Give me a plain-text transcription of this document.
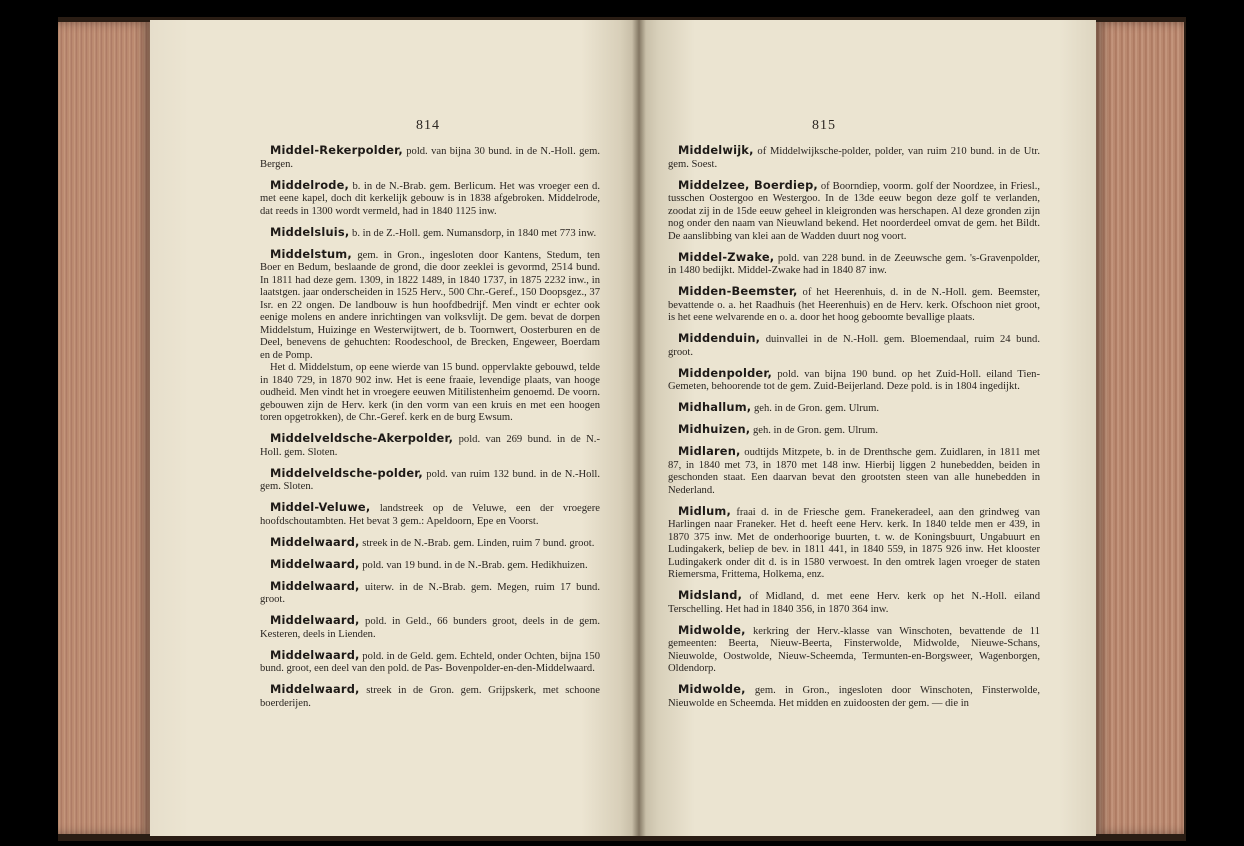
814

Middel-Rekerpolder, pold. van bijna 30 bund. in de N.-Holl. gem. Bergen.

Middelrode, b. in de N.-Brab. gem. Berlicum. Het was vroeger een d. met eene kapel, doch dit kerkelijk gebouw is in 1838 afgebroken. Middelrode, dat reeds in 1300 wordt vermeld, had in 1840 1125 inw.

Middelsluis, b. in de Z.-Holl. gem. Numansdorp, in 1840 met 773 inw.

Middelstum, gem. in Gron., ingesloten door Kantens, Stedum, ten Boer en Bedum, beslaande de grond, die door zeeklei is gevormd, 2514 bund. In 1811 had deze gem. 1309, in 1822 1489, in 1840 1737, in 1875 2232 inw., in laatstgen. jaar onderscheiden in 1525 Herv., 500 Chr.-Geref., 150 Doopsgez., 37 Isr. en 22 ongen. De landbouw is hun hoofdbedrijf. Men vindt er echter ook eenige molens en andere inrichtingen van volksvlijt. De gem. bevat de dorpen Middelstum, Huizinge en Westerwijtwert, de b. Toornwert, Oosterburen en de Deel, benevens de gehuchten: Roodeschool, de Brecken, Engeweer, Boerdam en de Pomp.

Het d. Middelstum, op eene wierde van 15 bund. oppervlakte gebouwd, telde in 1840 729, in 1870 902 inw. Het is eene fraaie, levendige plaats, van hooge oudheid. Men vindt het in vroegere eeuwen Mitilistenheim genoemd. De voorn. gebouwen zijn de Herv. kerk (in den vorm van een kruis en met een hoogen toren opgetrokken), de Chr.-Geref. kerk en de burg Ewsum.

Middelveldsche-Akerpolder, pold. van 269 bund. in de N.-Holl. gem. Sloten.

Middelveldsche-polder, pold. van ruim 132 bund. in de N.-Holl. gem. Sloten.

Middel-Veluwe, landstreek op de Veluwe, een der vroegere hoofdschoutambten. Het bevat 3 gem.: Apeldoorn, Epe en Voorst.

Middelwaard, streek in de N.-Brab. gem. Linden, ruim 7 bund. groot.

Middelwaard, pold. van 19 bund. in de N.-Brab. gem. Hedikhuizen.

Middelwaard, uiterw. in de N.-Brab. gem. Megen, ruim 17 bund. groot.

Middelwaard, pold. in Geld., 66 bunders groot, deels in de gem. Kesteren, deels in Lienden.

Middelwaard, pold. in de Geld. gem. Echteld, onder Ochten, bijna 150 bund. groot, een deel van den pold. de Pas- Bovenpolder-en-den-Middelwaard.

Middelwaard, streek in de Gron. gem. Grijpskerk, met schoone boerderijen.

815

Middelwijk, of Middelwijksche-polder, polder, van ruim 210 bund. in de Utr. gem. Soest.

Middelzee, Boerdiep, of Boorndiep, voorm. golf der Noordzee, in Friesl., tusschen Oostergoo en Westergoo. In de 13de eeuw begon deze golf te verlanden, zoodat zij in de 15de eeuw geheel in kleigronden was herschapen. Al deze gronden zijn nog onder den naam van Nieuwland bekend. Het noorderdeel omvat de gem. het Bildt. De aanslibbing van klei aan de Wadden duurt nog voort.

Middel-Zwake, pold. van 228 bund. in de Zeeuwsche gem. 's-Gravenpolder, in 1480 bedijkt. Middel-Zwake had in 1840 87 inw.

Midden-Beemster, of het Heerenhuis, d. in de N.-Holl. gem. Beemster, bevattende o. a. het Raadhuis (het Heerenhuis) en de Herv. kerk. Ofschoon niet groot, is het eene welvarende en o. a. door het hoog geboomte bevallige plaats.

Middenduin, duinvallei in de N.-Holl. gem. Bloemendaal, ruim 24 bund. groot.

Middenpolder, pold. van bijna 190 bund. op het Zuid-Holl. eiland Tien-Gemeten, behoorende tot de gem. Zuid-Beijerland. Deze pold. is in 1804 ingedijkt.

Midhallum, geh. in de Gron. gem. Ulrum.

Midhuizen, geh. in de Gron. gem. Ulrum.

Midlaren, oudtijds Mitzpete, b. in de Drenthsche gem. Zuidlaren, in 1811 met 87, in 1840 met 73, in 1870 met 148 inw. Hierbij liggen 2 hunebedden, beiden in geschonden staat. Een daarvan bevat den grootsten steen van alle hunebedden in Nederland.

Midlum, fraai d. in de Friesche gem. Franekeradeel, aan den grindweg van Harlingen naar Franeker. Het d. heeft eene Herv. kerk. In 1840 telde men er 439, in 1870 375 inw. Met de onderhoorige buurten, t. w. de Koningsbuurt, Ungabuurt en Ludingakerk, beliep de bev. in 1811 441, in 1840 559, in 1875 926 inw. Het klooster Ludingakerk onder dit d. is in 1580 verwoest. In den omtrek lagen vroeger de staten Riemersma, Frittema, Holkema, enz.

Midsland, of Midland, d. met eene Herv. kerk op het N.-Holl. eiland Terschelling. Het had in 1840 356, in 1870 364 inw.

Midwolde, kerkring der Herv.-klasse van Winschoten, bevattende de 11 gemeenten: Beerta, Nieuw-Beerta, Finsterwolde, Midwolde, Nieuwe-Schans, Nieuwolde, Oostwolde, Nieuw-Scheemda, Termunten-en-Borgsweer, Wagenborgen, Oldendorp.

Midwolde, gem. in Gron., ingesloten door Winschoten, Finsterwolde, Nieuwolde en Scheemda. Het midden en zuidoosten der gem. — die in
